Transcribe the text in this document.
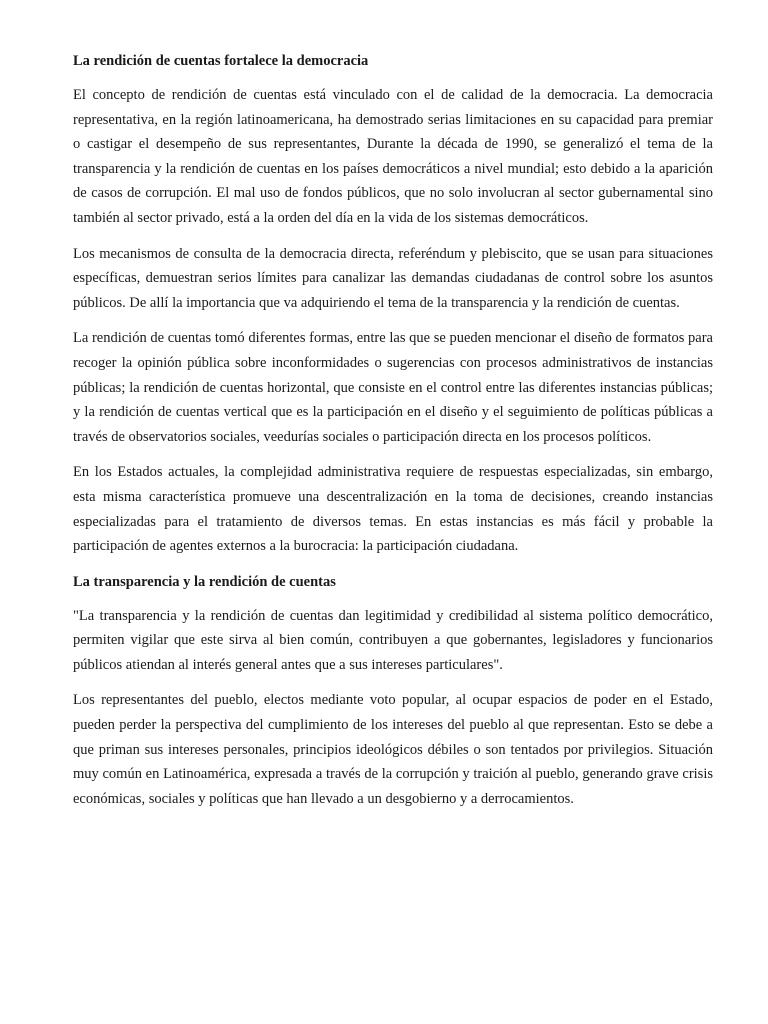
La rendición de cuentas fortalece la democracia

El concepto de rendición de cuentas está vinculado con el de calidad de la democracia. La democracia representativa, en la región latinoamericana, ha demostrado serias limitaciones en su capacidad para premiar o castigar el desempeño de sus representantes, Durante la década de 1990, se generalizó el tema de la transparencia y la rendición de cuentas en los países democráticos a nivel mundial; esto debido a la aparición de casos de corrupción. El mal uso de fondos públicos, que no solo involucran al sector gubernamental sino también al sector privado, está a la orden del día en la vida de los sistemas democráticos.

Los mecanismos de consulta de la democracia directa, referéndum y plebiscito, que se usan para situaciones específicas, demuestran serios límites para canalizar las demandas ciudadanas de control sobre los asuntos públicos. De allí la importancia que va adquiriendo el tema de la transparencia y la rendición de cuentas.

La rendición de cuentas tomó diferentes formas, entre las que se pueden mencionar el diseño de formatos para recoger la opinión pública sobre inconformidades o sugerencias con procesos administrativos de instancias públicas; la rendición de cuentas horizontal, que consiste en el control entre las diferentes instancias públicas; y la rendición de cuentas vertical que es la participación en el diseño y el seguimiento de políticas públicas a través de observatorios sociales, veedurías sociales o participación directa en los procesos políticos.

En los Estados actuales, la complejidad administrativa requiere de respuestas especializadas, sin embargo, esta misma característica promueve una descentralización en la toma de decisiones, creando instancias especializadas para el tratamiento de diversos temas. En estas instancias es más fácil y probable la participación de agentes externos a la burocracia: la participación ciudadana.

La transparencia y la rendición de cuentas

"La transparencia y la rendición de cuentas dan legitimidad y credibilidad al sistema político democrático, permiten vigilar que este sirva al bien común, contribuyen a que gobernantes, legisladores y funcionarios públicos atiendan al interés general antes que a sus intereses particulares".

Los representantes del pueblo, electos mediante voto popular, al ocupar espacios de poder en el Estado, pueden perder la perspectiva del cumplimiento de los intereses del pueblo al que representan. Esto se debe a que priman sus intereses personales, principios ideológicos débiles o son tentados por privilegios. Situación muy común en Latinoamérica, expresada a través de la corrupción y traición al pueblo, generando grave crisis económicas, sociales y políticas que han llevado a un desgobierno y a derrocamientos.
